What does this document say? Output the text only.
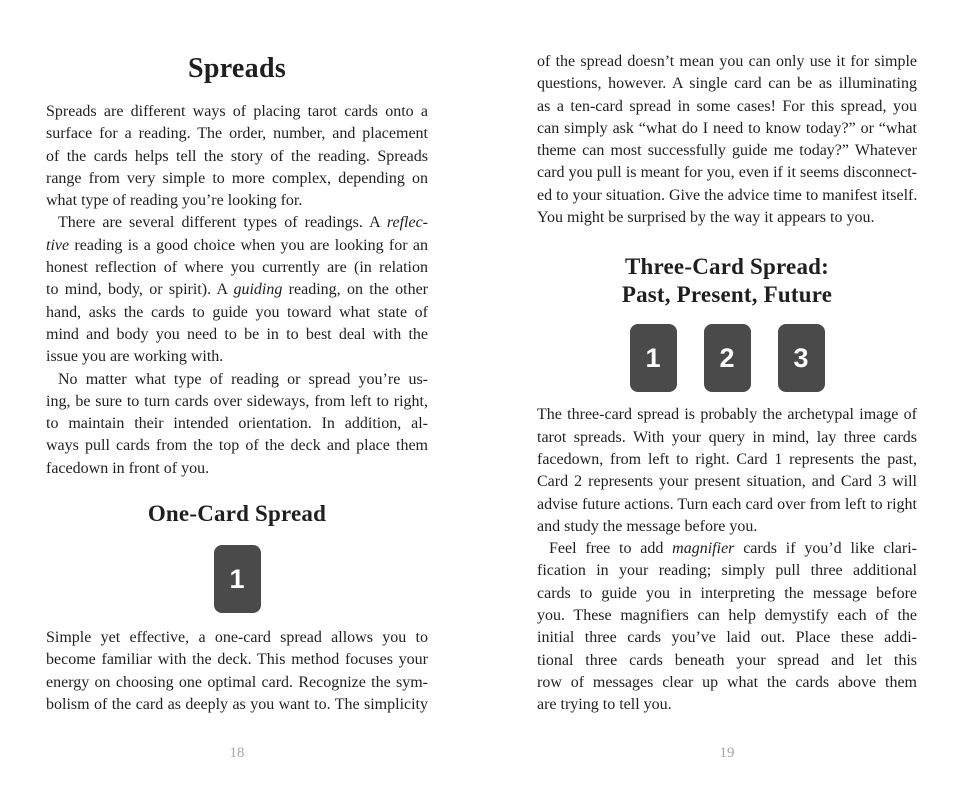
Spreads
Spreads are different ways of placing tarot cards onto a
surface for a reading. The order, number, and placement
of the cards helps tell the story of the reading. Spreads
range from very simple to more complex, depending on
what type of reading you’re looking for.
There are several different types of readings. A reflec-
tive reading is a good choice when you are looking for an
honest reflection of where you currently are (in relation
to mind, body, or spirit). A guiding reading, on the other
hand, asks the cards to guide you toward what state of
mind and body you need to be in to best deal with the
issue you are working with.
No matter what type of reading or spread you’re us-
ing, be sure to turn cards over sideways, from left to right,
to maintain their intended orientation. In addition, al-
ways pull cards from the top of the deck and place them
facedown in front of you.
One-Card Spread
1
Simple yet effective, a one-card spread allows you to
become familiar with the deck. This method focuses your
energy on choosing one optimal card. Recognize the sym-
bolism of the card as deeply as you want to. The simplicity
18
of the spread doesn’t mean you can only use it for simple
questions, however. A single card can be as illuminating
as a ten-card spread in some cases! For this spread, you
can simply ask “what do I need to know today?” or “what
theme can most successfully guide me today?” Whatever
card you pull is meant for you, even if it seems disconnect-
ed to your situation. Give the advice time to manifest itself.
You might be surprised by the way it appears to you.
Three-Card Spread:
Past, Present, Future
1 2 3
The three-card spread is probably the archetypal image of
tarot spreads. With your query in mind, lay three cards
facedown, from left to right. Card 1 represents the past,
Card 2 represents your present situation, and Card 3 will
advise future actions. Turn each card over from left to right
and study the message before you.
Feel free to add magnifier cards if you’d like clari-
fication in your reading; simply pull three additional
cards to guide you in interpreting the message before
you. These magnifiers can help demystify each of the
initial three cards you’ve laid out. Place these addi-
tional three cards beneath your spread and let this
row of messages clear up what the cards above them
are trying to tell you.
19
